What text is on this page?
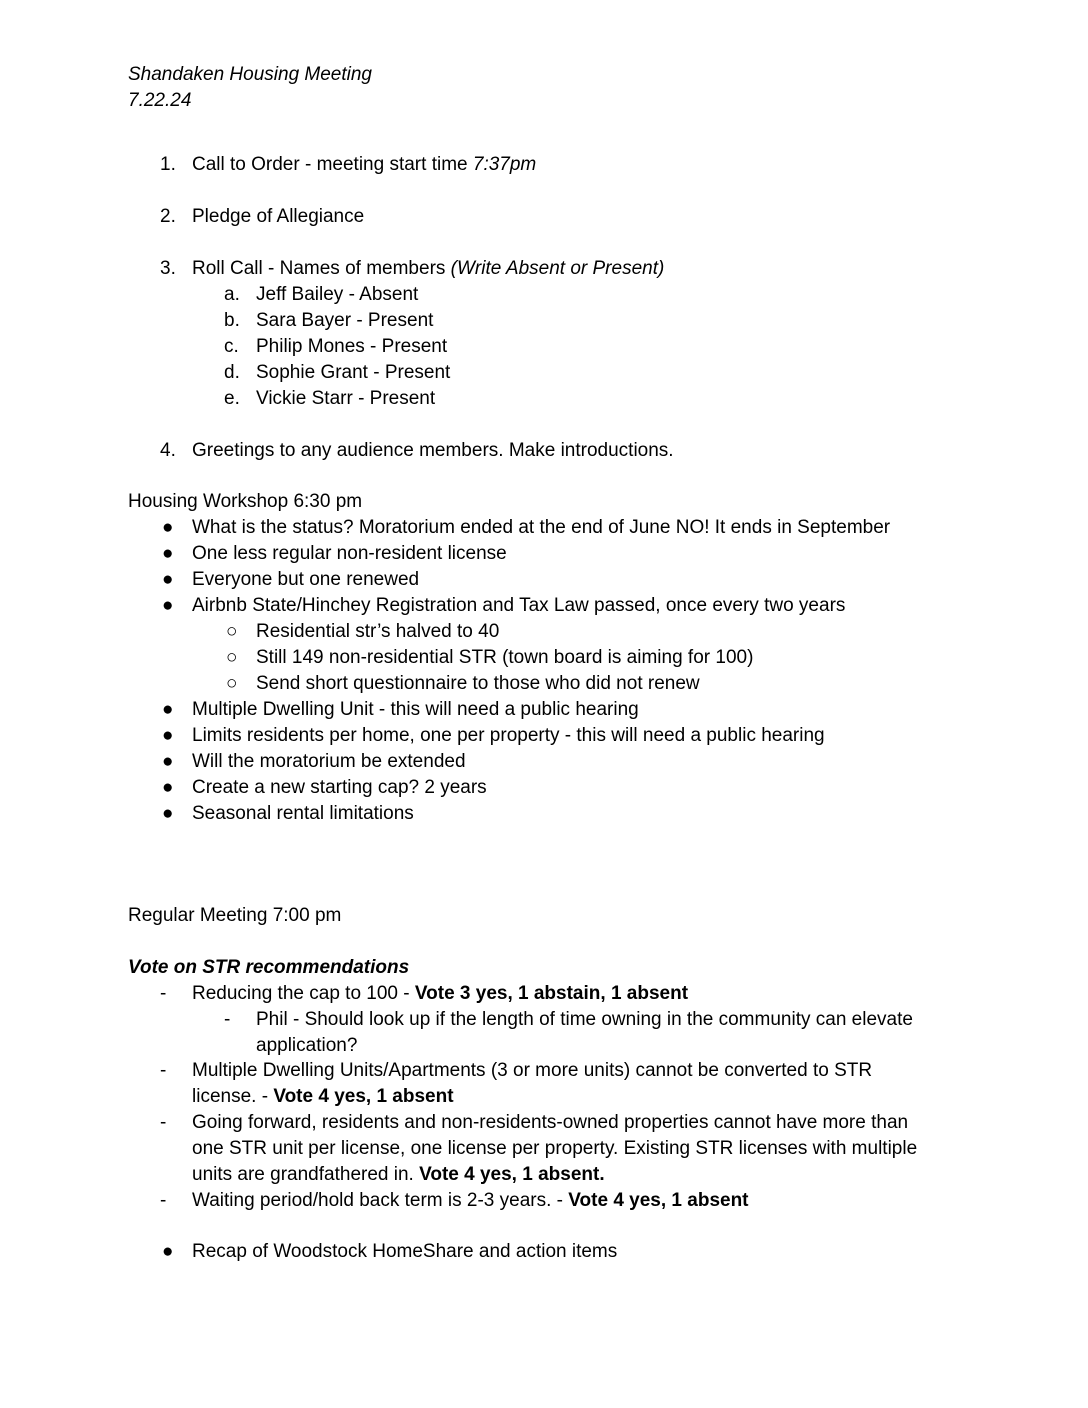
Shandaken Housing Meeting
7.22.24
1. Call to Order - meeting start time 7:37pm
2. Pledge of Allegiance
3. Roll Call - Names of members (Write Absent or Present)
a. Jeff Bailey - Absent
b. Sara Bayer - Present
c. Philip Mones - Present
d. Sophie Grant - Present
e. Vickie Starr - Present
4. Greetings to any audience members. Make introductions.
Housing Workshop 6:30 pm
● What is the status? Moratorium ended at the end of June NO! It ends in September
● One less regular non-resident license
● Everyone but one renewed
● Airbnb State/Hinchey Registration and Tax Law passed, once every two years
○ Residential str’s halved to 40
○ Still 149 non-residential STR (town board is aiming for 100)
○ Send short questionnaire to those who did not renew
● Multiple Dwelling Unit - this will need a public hearing
● Limits residents per home, one per property - this will need a public hearing
● Will the moratorium be extended
● Create a new starting cap? 2 years
● Seasonal rental limitations
Regular Meeting 7:00 pm
Vote on STR recommendations
- Reducing the cap to 100 - Vote 3 yes, 1 abstain, 1 absent
- Phil - Should look up if the length of time owning in the community can elevate
application?
- Multiple Dwelling Units/Apartments (3 or more units) cannot be converted to STR
license. - Vote 4 yes, 1 absent
- Going forward, residents and non-residents-owned properties cannot have more than
one STR unit per license, one license per property. Existing STR licenses with multiple
units are grandfathered in. Vote 4 yes, 1 absent.
- Waiting period/hold back term is 2-3 years. - Vote 4 yes, 1 absent
● Recap of Woodstock HomeShare and action items
